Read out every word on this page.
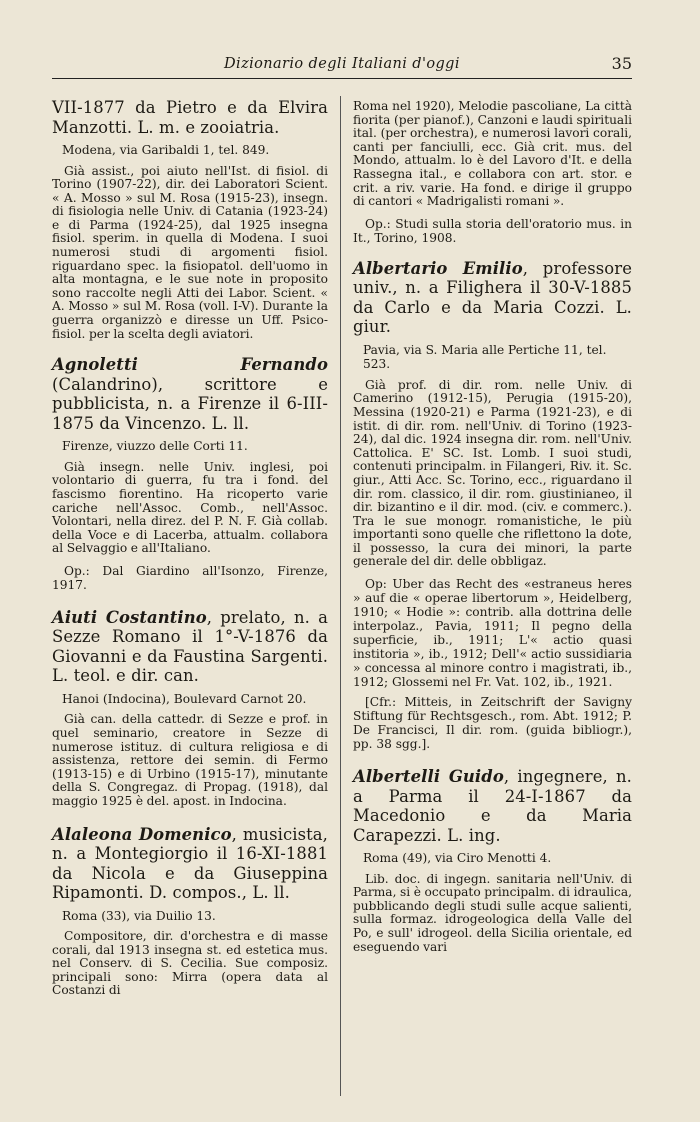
Dizionario degli Italiani d'oggi	35

VII-1877 da Pietro e da Elvira Manzotti. L. m. e zooiatria.

Modena, via Garibaldi 1, tel. 849.

Già assist., poi aiuto nell'Ist. di fisiol. di Torino (1907-22), dir. dei Laboratori Scient. « A. Mosso » sul M. Rosa (1915-23), insegn. di fisiologia nelle Univ. di Catania (1923-24) e di Parma (1924-25), dal 1925 insegna fisiol. sperim. in quella di Modena. I suoi numerosi studi di argomenti fisiol. riguardano spec. la fisiopatol. dell'uomo in alta montagna, e le sue note in proposito sono raccolte negli Atti dei Labor. Scient. « A. Mosso » sul M. Rosa (voll. I-V). Durante la guerra organizzò e diresse un Uff. Psico-fisiol. per la scelta degli aviatori.

Agnoletti Fernando (Calandrino), scrittore e pubblicista, n. a Firenze il 6-III-1875 da Vincenzo. L. ll.

Firenze, viuzzo delle Corti 11.

Già insegn. nelle Univ. inglesi, poi volontario di guerra, fu tra i fond. del fascismo fiorentino. Ha ricoperto varie cariche nell'Assoc. Comb., nell'Assoc. Volontari, nella direz. del P. N. F. Già collab. della Voce e di Lacerba, attualm. collabora al Selvaggio e all'Italiano.

Op.: Dal Giardino all'Isonzo, Firenze, 1917.

Aiuti Costantino, prelato, n. a Sezze Romano il 1°-V-1876 da Giovanni e da Faustina Sargenti. L. teol. e dir. can.

Hanoi (Indocina), Boulevard Carnot 20.

Già can. della cattedr. di Sezze e prof. in quel seminario, creatore in Sezze di numerose istituz. di cultura religiosa e di assistenza, rettore dei semin. di Fermo (1913-15) e di Urbino (1915-17), minutante della S. Congregaz. di Propag. (1918), dal maggio 1925 è del. apost. in Indocina.

Alaleona Domenico, musicista, n. a Montegiorgio il 16-XI-1881 da Nicola e da Giuseppina Ripamonti. D. compos., L. ll.

Roma (33), via Duilio 13.

Compositore, dir. d'orchestra e di masse corali, dal 1913 insegna st. ed estetica mus. nel Conserv. di S. Cecilia. Sue composiz. principali sono: Mirra (opera data al Costanzi di

Roma nel 1920), Melodie pascoliane, La città fiorita (per pianof.), Canzoni e laudi spirituali ital. (per orchestra), e numerosi lavori corali, canti per fanciulli, ecc. Già crit. mus. del Mondo, attualm. lo è del Lavoro d'It. e della Rassegna ital., e collabora con art. stor. e crit. a riv. varie. Ha fond. e dirige il gruppo di cantori « Madrigalisti romani ».

Op.: Studi sulla storia dell'oratorio mus. in It., Torino, 1908.

Albertario Emilio, professore univ., n. a Filighera il 30-V-1885 da Carlo e da Maria Cozzi. L. giur.

Pavia, via S. Maria alle Pertiche 11, tel. 523.

Già prof. di dir. rom. nelle Univ. di Camerino (1912-15), Perugia (1915-20), Messina (1920-21) e Parma (1921-23), e di istit. di dir. rom. nell'Univ. di Torino (1923-24), dal dic. 1924 insegna dir. rom. nell'Univ. Cattolica. E' SC. Ist. Lomb. I suoi studi, contenuti principalm. in Filangeri, Riv. it. Sc. giur., Atti Acc. Sc. Torino, ecc., riguardano il dir. rom. classico, il dir. rom. giustinianeo, il dir. bizantino e il dir. mod. (civ. e commerc.). Tra le sue monogr. romanistiche, le più importanti sono quelle che riflettono la dote, il possesso, la cura dei minori, la parte generale del dir. delle obbligaz.

Op: Uber das Recht des «estraneus heres » auf die « operae libertorum », Heidelberg, 1910; « Hodie »: contrib. alla dottrina delle interpolaz., Pavia, 1911; Il pegno della superficie, ib., 1911; L'« actio quasi institoria », ib., 1912; Dell'« actio sussidiaria » concessa al minore contro i magistrati, ib., 1912; Glossemi nel Fr. Vat. 102, ib., 1921.

[Cfr.: Mitteis, in Zeitschrift der Savigny Stiftung für Rechtsgesch., rom. Abt. 1912; P. De Francisci, Il dir. rom. (guida bibliogr.), pp. 38 sgg.].

Albertelli Guido, ingegnere, n. a Parma il 24-I-1867 da Macedonio e da Maria Carapezzi. L. ing.

Roma (49), via Ciro Menotti 4.

Lib. doc. di ingegn. sanitaria nell'Univ. di Parma, si è occupato principalm. di idraulica, pubblicando degli studi sulle acque salienti, sulla formaz. idrogeologica della Valle del Po, e sull' idrogeol. della Sicilia orientale, ed eseguendo vari
